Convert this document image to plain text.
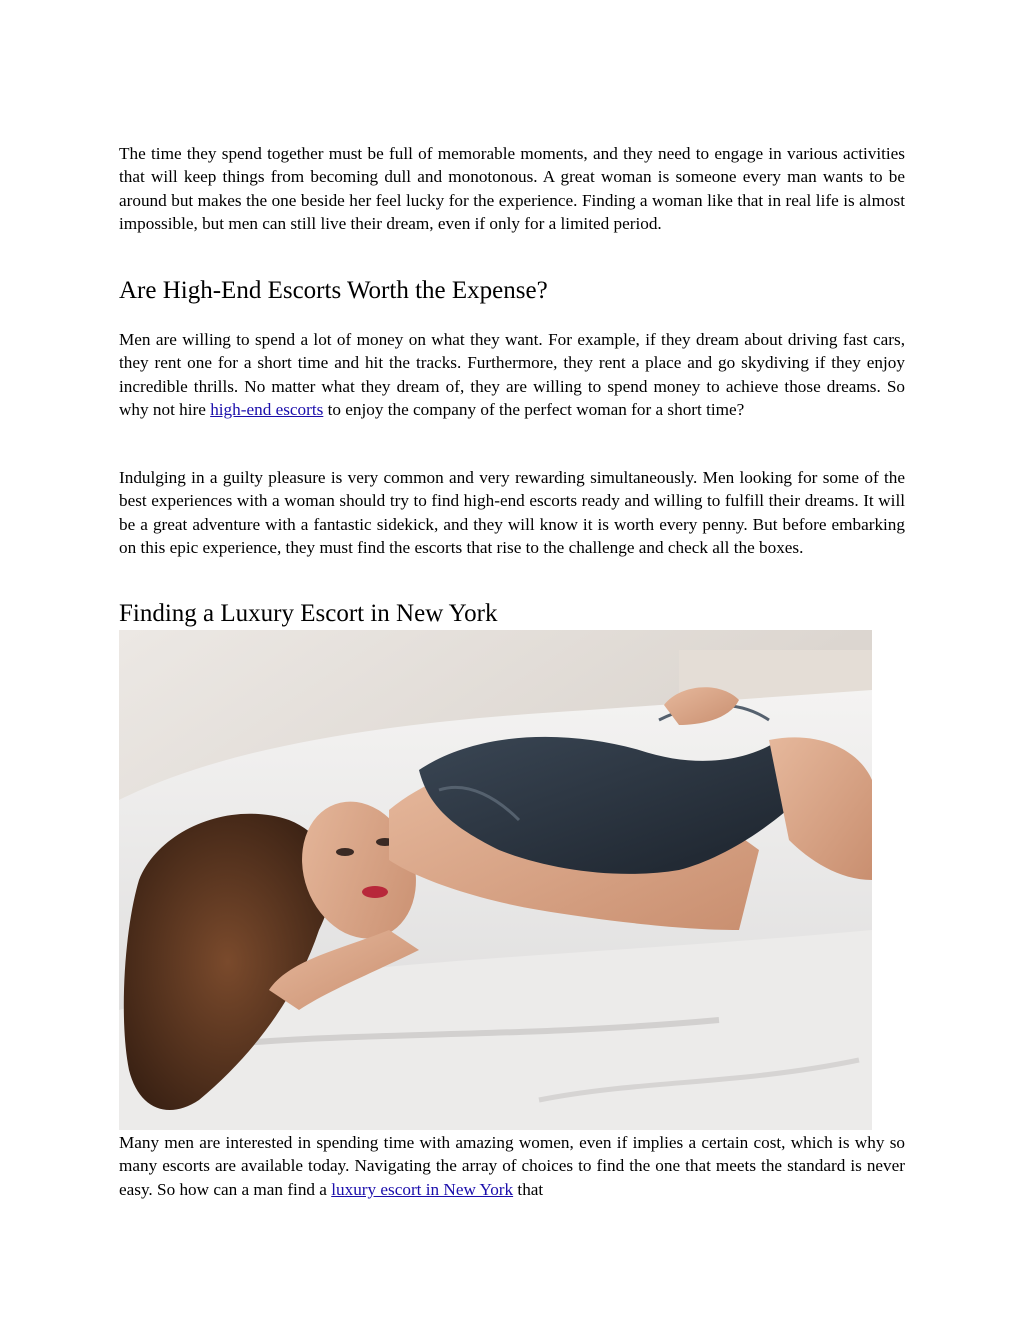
The time they spend together must be full of memorable moments, and they need to engage in various activities that will keep things from becoming dull and monotonous. A great woman is someone every man wants to be around but makes the one beside her feel lucky for the experience. Finding a woman like that in real life is almost impossible, but men can still live their dream, even if only for a limited period.

Are High-End Escorts Worth the Expense?

Men are willing to spend a lot of money on what they want. For example, if they dream about driving fast cars, they rent one for a short time and hit the tracks. Furthermore, they rent a place and go skydiving if they enjoy incredible thrills. No matter what they dream of, they are willing to spend money to achieve those dreams. So why not hire high-end escorts to enjoy the company of the perfect woman for a short time?

Indulging in a guilty pleasure is very common and very rewarding simultaneously. Men looking for some of the best experiences with a woman should try to find high-end escorts ready and willing to fulfill their dreams. It will be a great adventure with a fantastic sidekick, and they will know it is worth every penny. But before embarking on this epic experience, they must find the escorts that rise to the challenge and check all the boxes.

Finding a Luxury Escort in New York

Many men are interested in spending time with amazing women, even if implies a certain cost, which is why so many escorts are available today. Navigating the array of choices to find the one that meets the standard is never easy. So how can a man find a luxury escort in New York that
